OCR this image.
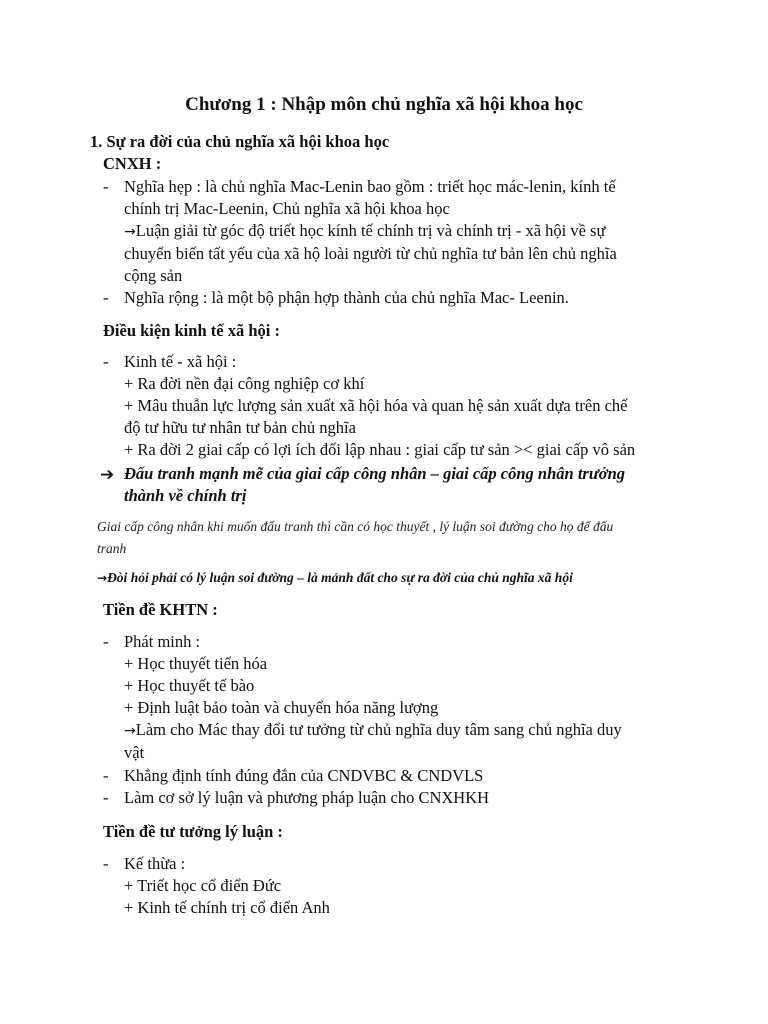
Chương 1 : Nhập môn chủ nghĩa xã hội khoa học
1. Sự ra đời của chủ nghĩa xã hội khoa học
CNXH :
- Nghĩa hẹp : là chủ nghĩa Mac-Lenin bao gồm : triết học mác-lenin, kính tế
chính trị Mac-Leenin, Chủ nghĩa xã hội khoa học
→Luận giải từ góc độ triết học kính tế chính trị và chính trị - xã hội về sự
chuyển biến tất yếu của xã hộ loài người từ chủ nghĩa tư bản lên chủ nghĩa
cộng sản
- Nghĩa rộng : là một bộ phận hợp thành của chủ nghĩa Mac- Leenin.
Điều kiện kinh tế xã hội :
- Kinh tế - xã hội :
+ Ra đời nền đại công nghiệp cơ khí
+ Mâu thuẫn lực lượng sản xuất xã hội hóa và quan hệ sản xuất dựa trên chế
độ tư hữu tư nhân tư bản chủ nghĩa
+ Ra đời 2 giai cấp có lợi ích đối lập nhau : giai cấp tư sản >< giai cấp vô sản
➔ Đấu tranh mạnh mẽ của giai cấp công nhân – giai cấp công nhân trưởng
thành về chính trị
Giai cấp công nhân khi muốn đấu tranh thì cần có học thuyết , lý luận soi đường cho họ để đấu
tranh
→Đòi hỏi phải có lý luận soi đường – là mảnh đất cho sự ra đời của chủ nghĩa xã hội
Tiền đề KHTN :
- Phát minh :
+ Học thuyết tiến hóa
+ Học thuyết tế bào
+ Định luật bảo toàn và chuyển hóa năng lượng
→Làm cho Mác thay đổi tư tưởng từ chủ nghĩa duy tâm sang chủ nghĩa duy
vật
- Khẳng định tính đúng đắn của CNDVBC & CNDVLS
- Làm cơ sở lý luận và phương pháp luận cho CNXHKH
Tiền đề tư tưởng lý luận :
- Kế thừa :
+ Triết học cổ điển Đức
+ Kinh tế chính trị cổ điển Anh
